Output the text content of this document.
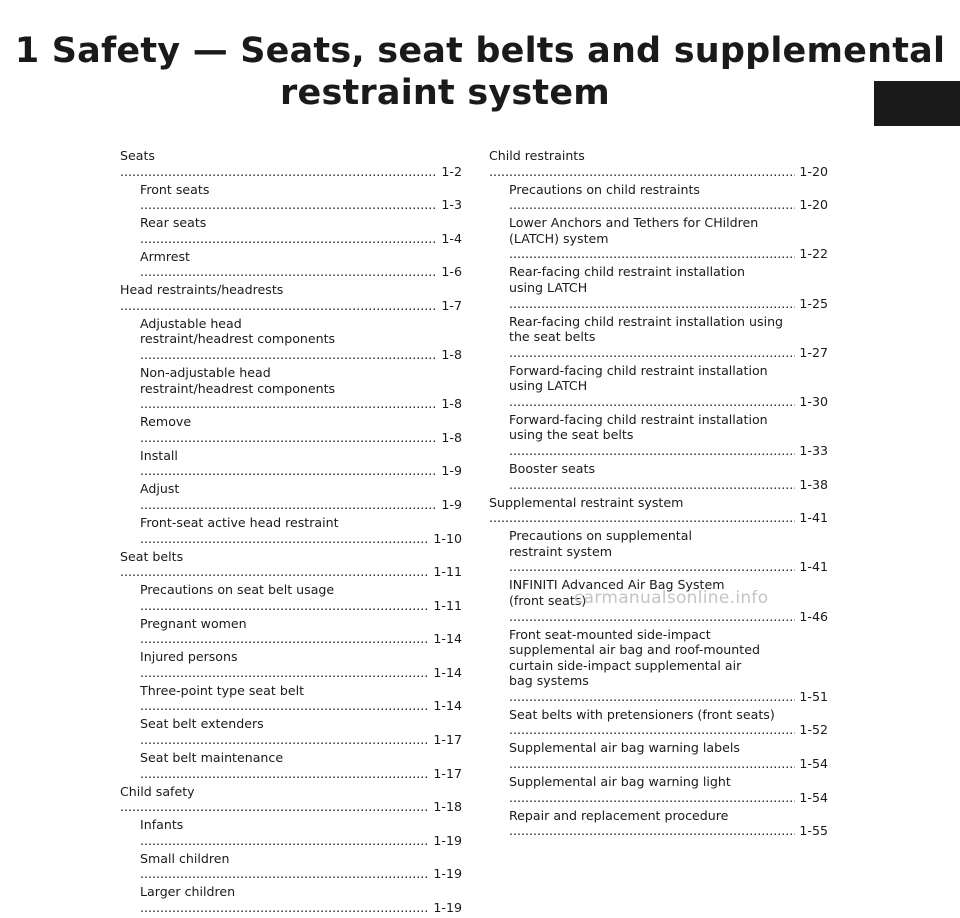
1 Safety — Seats, seat belts and supplemental
restraint system
Seats .....
1-2
Front seats .....
1-3
Rear seats .....
1-4
Armrest .....
1-6
Head restraints/headrests .....
1-7
Adjustable head
restraint/headrest components .....
1-8
Non-adjustable head
restraint/headrest components .....
1-8
Remove .....
1-8
Install .....
1-9
Adjust .....
1-9
Front-seat active head restraint .....
1-10
Seat belts .....
1-11
Precautions on seat belt usage .....
1-11
Pregnant women .....
1-14
Injured persons .....
1-14
Three-point type seat belt .....
1-14
Seat belt extenders .....
1-17
Seat belt maintenance .....
1-17
Child safety .....
1-18
Infants .....
1-19
Small children .....
1-19
Larger children .....
1-19
Child restraints .....
1-20
Precautions on child restraints .....
1-20
Lower Anchors and Tethers for CHildren
(LATCH) system .....
1-22
Rear-facing child restraint installation
using LATCH .....
1-25
Rear-facing child restraint installation using
the seat belts .....
1-27
Forward-facing child restraint installation
using LATCH .....
1-30
Forward-facing child restraint installation
using the seat belts .....
1-33
Booster seats .....
1-38
Supplemental restraint system .....
1-41
Precautions on supplemental
restraint system .....
1-41
INFINITI Advanced Air Bag System
(front seats) .....
1-46
Front seat-mounted side-impact
supplemental air bag and roof-mounted
curtain side-impact supplemental air
bag systems .....
1-51
Seat belts with pretensioners (front seats) .....
1-52
Supplemental air bag warning labels .....
1-54
Supplemental air bag warning light .....
1-54
Repair and replacement procedure .....
1-55
carmanualsonline.info
